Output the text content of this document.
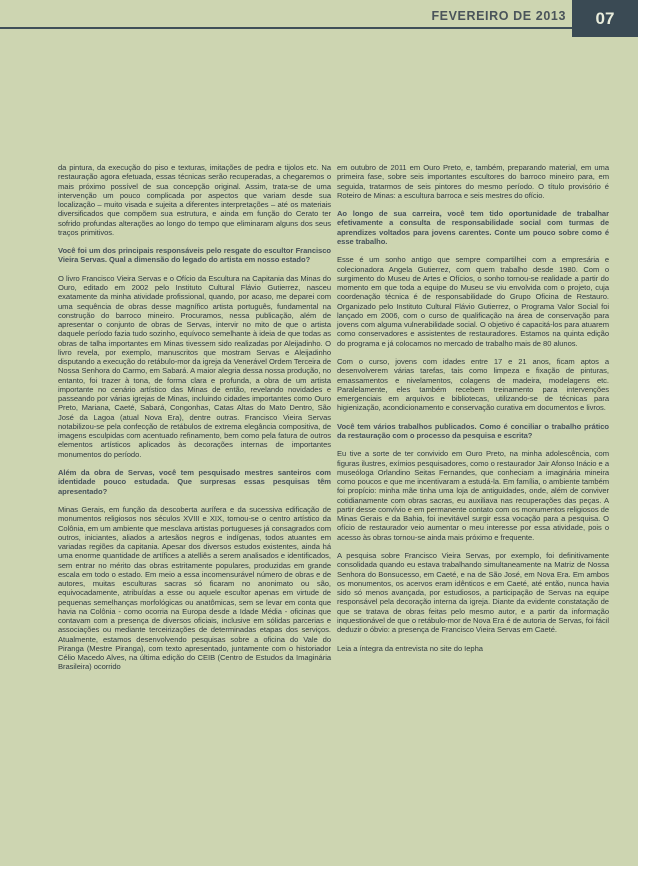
FEVEREIRO DE 2013	07

da pintura, da execução do piso e texturas, imitações de pedra e tijolos etc. Na restauração agora efetuada, essas técnicas serão recuperadas, a chegaremos o mais próximo possível de sua concepção original. Assim, trata-se de uma intervenção um pouco complicada por aspectos que variam desde sua localização – muito visada e sujeita a diferentes interpretações – até os materiais diversificados que compõem sua estrutura, e ainda em função do Cerato ter sofrido profundas alterações ao longo do tempo que eliminaram alguns dos seus traços primitivos.

Você foi um dos principais responsáveis pelo resgate do escultor Francisco Vieira Servas. Qual a dimensão do legado do artista em nosso estado?

O livro Francisco Vieira Servas e o Ofício da Escultura na Capitania das Minas do Ouro, editado em 2002 pelo Instituto Cultural Flávio Gutierrez, nasceu exatamente da minha atividade profissional, quando, por acaso, me deparei com uma sequência de obras desse magnífico artista português, fundamental na construção do barroco mineiro. Procuramos, nessa publicação, além de apresentar o conjunto de obras de Servas, intervir no mito de que o artista daquele período fazia tudo sozinho, equívoco semelhante à ideia de que todas as obras de talha importantes em Minas tivessem sido realizadas por Aleijadinho. O livro revela, por exemplo, manuscritos que mostram Servas e Aleijadinho disputando a execução do retábulo-mor da igreja da Venerável Ordem Terceira de Nossa Senhora do Carmo, em Sabará. A maior alegria dessa nossa produção, no entanto, foi trazer à tona, de forma clara e profunda, a obra de um artista importante no cenário artístico das Minas de então, revelando novidades e passeando por várias igrejas de Minas, incluindo cidades importantes como Ouro Preto, Mariana, Caeté, Sabará, Congonhas, Catas Altas do Mato Dentro, São José da Lagoa (atual Nova Era), dentre outras. Francisco Vieira Servas notabilizou-se pela confecção de retábulos de extrema elegância compositiva, de imagens esculpidas com acentuado refinamento, bem como pela fatura de outros elementos artísticos aplicados às decorações internas de importantes monumentos do período.

Além da obra de Servas, você tem pesquisado mestres santeiros com identidade pouco estudada. Que surpresas essas pesquisas têm apresentado?

Minas Gerais, em função da descoberta aurífera e da sucessiva edificação de monumentos religiosos nos séculos XVIII e XIX, tornou-se o centro artístico da Colônia, em um ambiente que mesclava artistas portugueses já consagrados com outros, iniciantes, aliados a artesãos negros e indígenas, todos atuantes em variadas regiões da capitania. Apesar dos diversos estudos existentes, ainda há uma enorme quantidade de artífices a atelliês a serem analisados e identificados, sem entrar no mérito das obras estritamente populares, produzidas em grande escala em todo o estado. Em meio a essa incomensurável número de obras e de autores, muitas esculturas sacras só ficaram no anonimato ou são, equivocadamente, atribuídas a esse ou aquele escultor apenas em virtude de pequenas semelhanças morfológicas ou anatômicas, sem se levar em conta que havia na Colônia - como ocorria na Europa desde a Idade Média - oficinas que contavam com a presença de diversos oficiais, inclusive em sólidas parcerias e associações ou mediante terceirizações de determinadas etapas dos serviços. Atualmente, estamos desenvolvendo pesquisas sobre a oficina do Vale do Piranga (Mestre Piranga), com texto apresentado, juntamente com o historiador Célio Macedo Alves, na última edição do CEIB (Centro de Estudos da Imaginária Brasileira) ocorrido

em outubro de 2011 em Ouro Preto, e, também, preparando material, em uma primeira fase, sobre seis importantes escultores do barroco mineiro para, em seguida, tratarmos de seis pintores do mesmo período. O título provisório é Roteiro de Minas: a escultura barroca e seis mestres do ofício.

Ao longo de sua carreira, você tem tido oportunidade de trabalhar efetivamente a consulta de responsabilidade social com turmas de aprendizes voltados para jovens carentes. Conte um pouco sobre como é esse trabalho.

Esse é um sonho antigo que sempre compartilhei com a empresária e colecionadora Angela Gutierrez, com quem trabalho desde 1980. Com o surgimento do Museu de Artes e Ofícios, o sonho tornou-se realidade a partir do momento em que toda a equipe do Museu se viu envolvida com o projeto, cuja coordenação técnica é de responsabilidade do Grupo Oficina de Restauro. Organizado pelo Instituto Cultural Flávio Gutierrez, o Programa Valor Social foi lançado em 2006, com o curso de qualificação na área de conservação para jovens com alguma vulnerabilidade social. O objetivo é capacitá-los para atuarem como conservadores e assistentes de restauradores. Estamos na quinta edição do programa e já colocamos no mercado de trabalho mais de 80 alunos.

Com o curso, jovens com idades entre 17 e 21 anos, ficam aptos a desenvolverem várias tarefas, tais como limpeza e fixação de pinturas, emassamentos e nivelamentos, colagens de madeira, modelagens etc. Paralelamente, eles também recebem treinamento para intervenções emergenciais em arquivos e bibliotecas, utilizando-se de técnicas para higienização, acondicionamento e conservação curativa em documentos e livros.

Você tem vários trabalhos publicados. Como é conciliar o trabalho prático da restauração com o processo da pesquisa e escrita?

Eu tive a sorte de ter convivido em Ouro Preto, na minha adolescência, com figuras ilustres, exímios pesquisadores, como o restaurador Jair Afonso Inácio e a museóloga Orlandino Seitas Fernandes, que conheciam a imaginária mineira como poucos e que me incentivaram a estudá-la. Em família, o ambiente também foi propício: minha mãe tinha uma loja de antiguidades, onde, além de conviver cotidianamente com obras sacras, eu auxiliava nas recuperações das peças. A partir desse convívio e em permanente contato com os monumentos religiosos de Minas Gerais e da Bahia, foi inevitável surgir essa vocação para a pesquisa. O ofício de restaurador veio aumentar o meu interesse por essa atividade, pois o acesso às obras tornou-se ainda mais próximo e frequente.

A pesquisa sobre Francisco Vieira Servas, por exemplo, foi definitivamente consolidada quando eu estava trabalhando simultaneamente na Matriz de Nossa Senhora do Bonsucesso, em Caeté, e na de São José, em Nova Era. Em ambos os monumentos, os acervos eram idênticos e em Caeté, até então, nunca havia sido só menos avançada, por estudiosos, a participação de Servas na equipe responsável pela decoração interna da igreja. Diante da evidente constatação de que se tratava de obras feitas pelo mesmo autor, e a partir da informação inquestionável de que o retábulo-mor de Nova Era é de autoria de Servas, foi fácil deduzir o óbvio: a presença de Francisco Vieira Servas em Caeté.

Leia a íntegra da entrevista no site do Iepha
